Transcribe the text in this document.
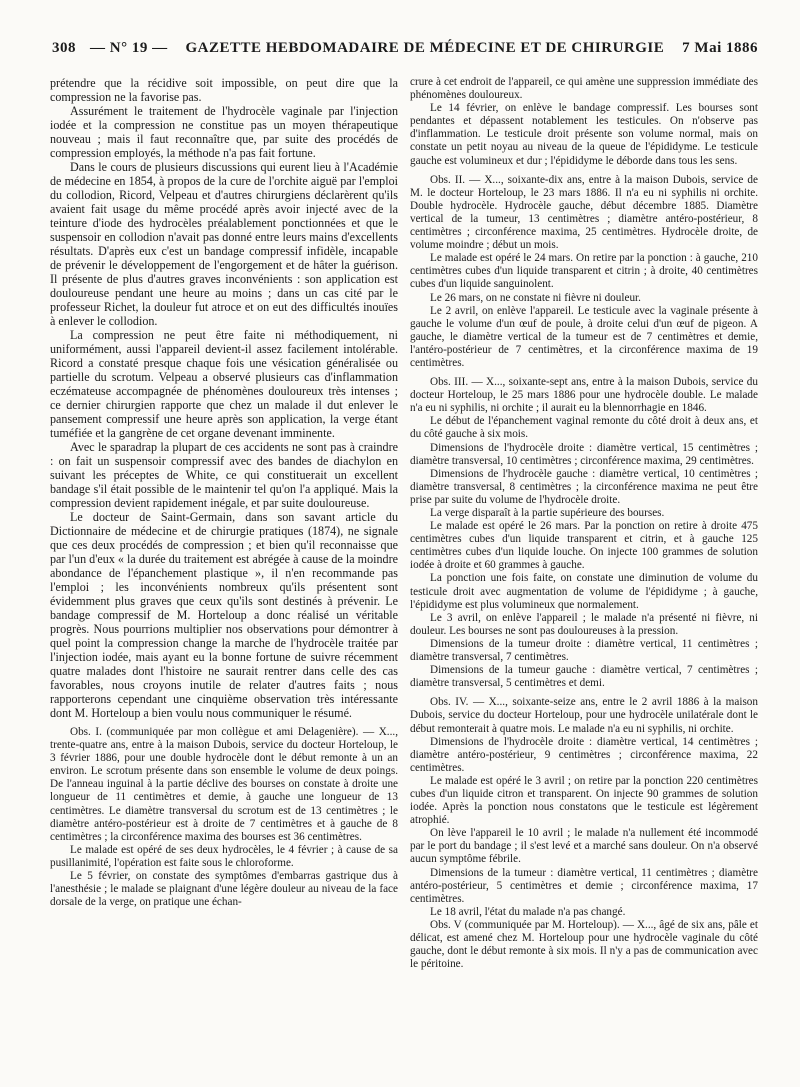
308 — N° 19 —	GAZETTE HEBDOMADAIRE DE MÉDECINE ET DE CHIRURGIE	7 Mai 1886

prétendre que la récidive soit impossible, on peut dire que la compression ne la favorise pas.

Assurément le traitement de l'hydrocèle vaginale par l'injection iodée et la compression ne constitue pas un moyen thérapeutique nouveau ; mais il faut reconnaître que, par suite des procédés de compression employés, la méthode n'a pas fait fortune.

Dans le cours de plusieurs discussions qui eurent lieu à l'Académie de médecine en 1854, à propos de la cure de l'orchite aiguë par l'emploi du collodion, Ricord, Velpeau et d'autres chirurgiens déclarèrent qu'ils avaient fait usage du même procédé après avoir injecté avec de la teinture d'iode des hydrocèles préalablement ponctionnées et que le suspensoir en collodion n'avait pas donné entre leurs mains d'excellents résultats. D'après eux c'est un bandage compressif infidèle, incapable de prévenir le développement de l'engorgement et de hâter la guérison. Il présente de plus d'autres graves inconvénients : son application est douloureuse pendant une heure au moins ; dans un cas cité par le professeur Richet, la douleur fut atroce et on eut des difficultés inouïes à enlever le collodion.

La compression ne peut être faite ni méthodiquement, ni uniformément, aussi l'appareil devient-il assez facilement intolérable. Ricord a constaté presque chaque fois une vésication généralisée ou partielle du scrotum. Velpeau a observé plusieurs cas d'inflammation eczémateuse accompagnée de phénomènes douloureux très intenses ; ce dernier chirurgien rapporte que chez un malade il dut enlever le pansement compressif une heure après son application, la verge étant tuméfiée et la gangrène de cet organe devenant imminente.

Avec le sparadrap la plupart de ces accidents ne sont pas à craindre : on fait un suspensoir compressif avec des bandes de diachylon en suivant les préceptes de White, ce qui constituerait un excellent bandage s'il était possible de le maintenir tel qu'on l'a appliqué. Mais la compression devient rapidement inégale, et par suite douloureuse.

Le docteur de Saint-Germain, dans son savant article du Dictionnaire de médecine et de chirurgie pratiques (1874), ne signale que ces deux procédés de compression ; et bien qu'il reconnaisse que par l'un d'eux « la durée du traitement est abrégée à cause de la moindre abondance de l'épanchement plastique », il n'en recommande pas l'emploi ; les inconvénients nombreux qu'ils présentent sont évidemment plus graves que ceux qu'ils sont destinés à prévenir. Le bandage compressif de M. Horteloup a donc réalisé un véritable progrès. Nous pourrions multiplier nos observations pour démontrer à quel point la compression change la marche de l'hydrocèle traitée par l'injection iodée, mais ayant eu la bonne fortune de suivre récemment quatre malades dont l'histoire ne saurait rentrer dans celle des cas favorables, nous croyons inutile de relater d'autres faits ; nous rapporterons cependant une cinquième observation très intéressante dont M. Horteloup a bien voulu nous communiquer le résumé.

Obs. I. (communiquée par mon collègue et ami Delagenière). — X..., trente-quatre ans, entre à la maison Dubois, service du docteur Horteloup, le 3 février 1886, pour une double hydrocèle dont le début remonte à un an environ. Le scrotum présente dans son ensemble le volume de deux poings. De l'anneau inguinal à la partie déclive des bourses on constate à droite une longueur de 11 centimètres et demie, à gauche une longueur de 13 centimètres. Le diamètre transversal du scrotum est de 13 centimètres ; le diamètre antéro-postérieur est à droite de 7 centimètres et à gauche de 8 centimètres ; la circonférence maxima des bourses est 36 centimètres.

Le malade est opéré de ses deux hydrocèles, le 4 février ; à cause de sa pusillanimité, l'opération est faite sous le chloroforme.

Le 5 février, on constate des symptômes d'embarras gastrique dus à l'anesthésie ; le malade se plaignant d'une légère douleur au niveau de la face dorsale de la verge, on pratique une échan-

crure à cet endroit de l'appareil, ce qui amène une suppression immédiate des phénomènes douloureux.

Le 14 février, on enlève le bandage compressif. Les bourses sont pendantes et dépassent notablement les testicules. On n'observe pas d'inflammation. Le testicule droit présente son volume normal, mais on constate un petit noyau au niveau de la queue de l'épididyme. Le testicule gauche est volumineux et dur ; l'épididyme le déborde dans tous les sens.

Obs. II. — X..., soixante-dix ans, entre à la maison Dubois, service de M. le docteur Horteloup, le 23 mars 1886. Il n'a eu ni syphilis ni orchite. Double hydrocèle. Hydrocèle gauche, début décembre 1885. Diamètre vertical de la tumeur, 13 centimètres ; diamètre antéro-postérieur, 8 centimètres ; circonférence maxima, 25 centimètres. Hydrocèle droite, de volume moindre ; début un mois.

Le malade est opéré le 24 mars. On retire par la ponction : à gauche, 210 centimètres cubes d'un liquide transparent et citrin ; à droite, 40 centimètres cubes d'un liquide sanguinolent.

Le 26 mars, on ne constate ni fièvre ni douleur.

Le 2 avril, on enlève l'appareil. Le testicule avec la vaginale présente à gauche le volume d'un œuf de poule, à droite celui d'un œuf de pigeon. A gauche, le diamètre vertical de la tumeur est de 7 centimètres et demie, l'antéro-postérieur de 7 centimètres, et la circonférence maxima de 19 centimètres.

Obs. III. — X..., soixante-sept ans, entre à la maison Dubois, service du docteur Horteloup, le 25 mars 1886 pour une hydrocèle double. Le malade n'a eu ni syphilis, ni orchite ; il aurait eu la blennorrhagie en 1846.

Le début de l'épanchement vaginal remonte du côté droit à deux ans, et du côté gauche à six mois.

Dimensions de l'hydrocèle droite : diamètre vertical, 15 centimètres ; diamètre transversal, 10 centimètres ; circonférence maxima, 29 centimètres.

Dimensions de l'hydrocèle gauche : diamètre vertical, 10 centimètres ; diamètre transversal, 8 centimètres ; la circonférence maxima ne peut être prise par suite du volume de l'hydrocèle droite.

La verge disparaît à la partie supérieure des bourses.

Le malade est opéré le 26 mars. Par la ponction on retire à droite 475 centimètres cubes d'un liquide transparent et citrin, et à gauche 125 centimètres cubes d'un liquide louche. On injecte 100 grammes de solution iodée à droite et 60 grammes à gauche.

La ponction une fois faite, on constate une diminution de volume du testicule droit avec augmentation de volume de l'épididyme ; à gauche, l'épididyme est plus volumineux que normalement.

Le 3 avril, on enlève l'appareil ; le malade n'a présenté ni fièvre, ni douleur. Les bourses ne sont pas douloureuses à la pression.

Dimensions de la tumeur droite : diamètre vertical, 11 centimètres ; diamètre transversal, 7 centimètres.

Dimensions de la tumeur gauche : diamètre vertical, 7 centimètres ; diamètre transversal, 5 centimètres et demi.

Obs. IV. — X..., soixante-seize ans, entre le 2 avril 1886 à la maison Dubois, service du docteur Horteloup, pour une hydrocèle unilatérale dont le début remonterait à quatre mois. Le malade n'a eu ni syphilis, ni orchite.

Dimensions de l'hydrocèle droite : diamètre vertical, 14 centimètres ; diamètre antéro-postérieur, 9 centimètres ; circonférence maxima, 22 centimètres.

Le malade est opéré le 3 avril ; on retire par la ponction 220 centimètres cubes d'un liquide citron et transparent. On injecte 90 grammes de solution iodée. Après la ponction nous constatons que le testicule est légèrement atrophié.

On lève l'appareil le 10 avril ; le malade n'a nullement été incommodé par le port du bandage ; il s'est levé et a marché sans douleur. On n'a observé aucun symptôme fébrile.

Dimensions de la tumeur : diamètre vertical, 11 centimètres ; diamètre antéro-postérieur, 5 centimètres et demie ; circonférence maxima, 17 centimètres.

Le 18 avril, l'état du malade n'a pas changé.

Obs. V (communiquée par M. Horteloup). — X..., âgé de six ans, pâle et délicat, est amené chez M. Horteloup pour une hydrocèle vaginale du côté gauche, dont le début remonte à six mois. Il n'y a pas de communication avec le péritoine.
